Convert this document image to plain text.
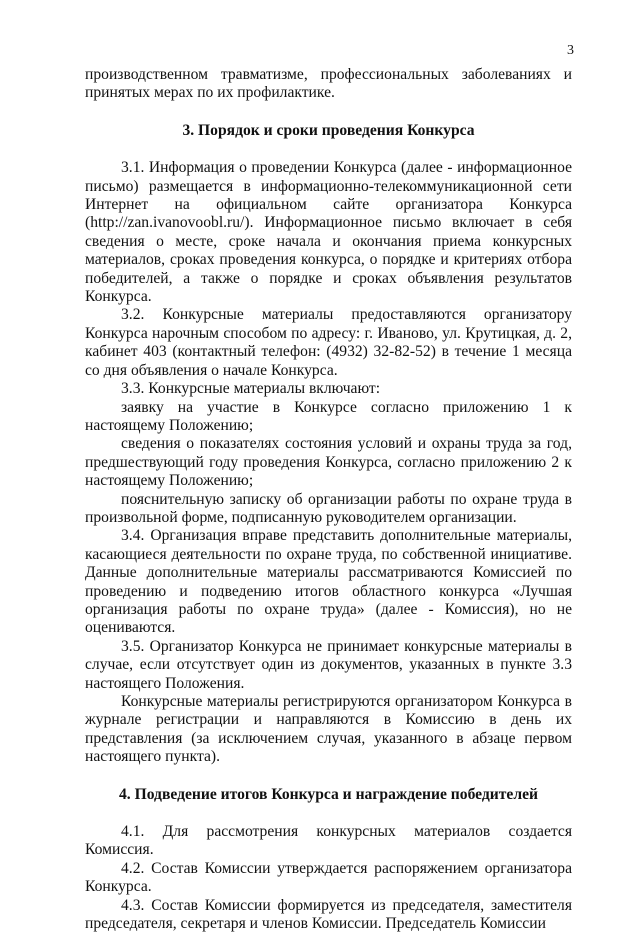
3

производственном травматизме, профессиональных заболеваниях и принятых мерах по их профилактике.

3. Порядок и сроки проведения Конкурса

3.1. Информация о проведении Конкурса (далее - информационное письмо) размещается в информационно-телекоммуникационной сети Интернет на официальном сайте организатора Конкурса (http://zan.ivanovoobl.ru/). Информационное письмо включает в себя сведения о месте, сроке начала и окончания приема конкурсных материалов, сроках проведения конкурса, о порядке и критериях отбора победителей, а также о порядке и сроках объявления результатов Конкурса.

3.2. Конкурсные материалы предоставляются организатору Конкурса нарочным способом по адресу: г. Иваново, ул. Крутицкая, д. 2, кабинет 403 (контактный телефон: (4932) 32-82-52) в течение 1 месяца со дня объявления о начале Конкурса.

3.3. Конкурсные материалы включают:

заявку на участие в Конкурсе согласно приложению 1 к настоящему Положению;

сведения о показателях состояния условий и охраны труда за год, предшествующий году проведения Конкурса, согласно приложению 2 к настоящему Положению;

пояснительную записку об организации работы по охране труда в произвольной форме, подписанную руководителем организации.

3.4. Организация вправе представить дополнительные материалы, касающиеся деятельности по охране труда, по собственной инициативе. Данные дополнительные материалы рассматриваются Комиссией по проведению и подведению итогов областного конкурса «Лучшая организация работы по охране труда» (далее - Комиссия), но не оцениваются.

3.5. Организатор Конкурса не принимает конкурсные материалы в случае, если отсутствует один из документов, указанных в пункте 3.3 настоящего Положения.

Конкурсные материалы регистрируются организатором Конкурса в журнале регистрации и направляются в Комиссию в день их представления (за исключением случая, указанного в абзаце первом настоящего пункта).

4. Подведение итогов Конкурса и награждение победителей

4.1. Для рассмотрения конкурсных материалов создается Комиссия.

4.2. Состав Комиссии утверждается распоряжением организатора Конкурса.

4.3. Состав Комиссии формируется из председателя, заместителя председателя, секретаря и членов Комиссии. Председатель Комиссии
